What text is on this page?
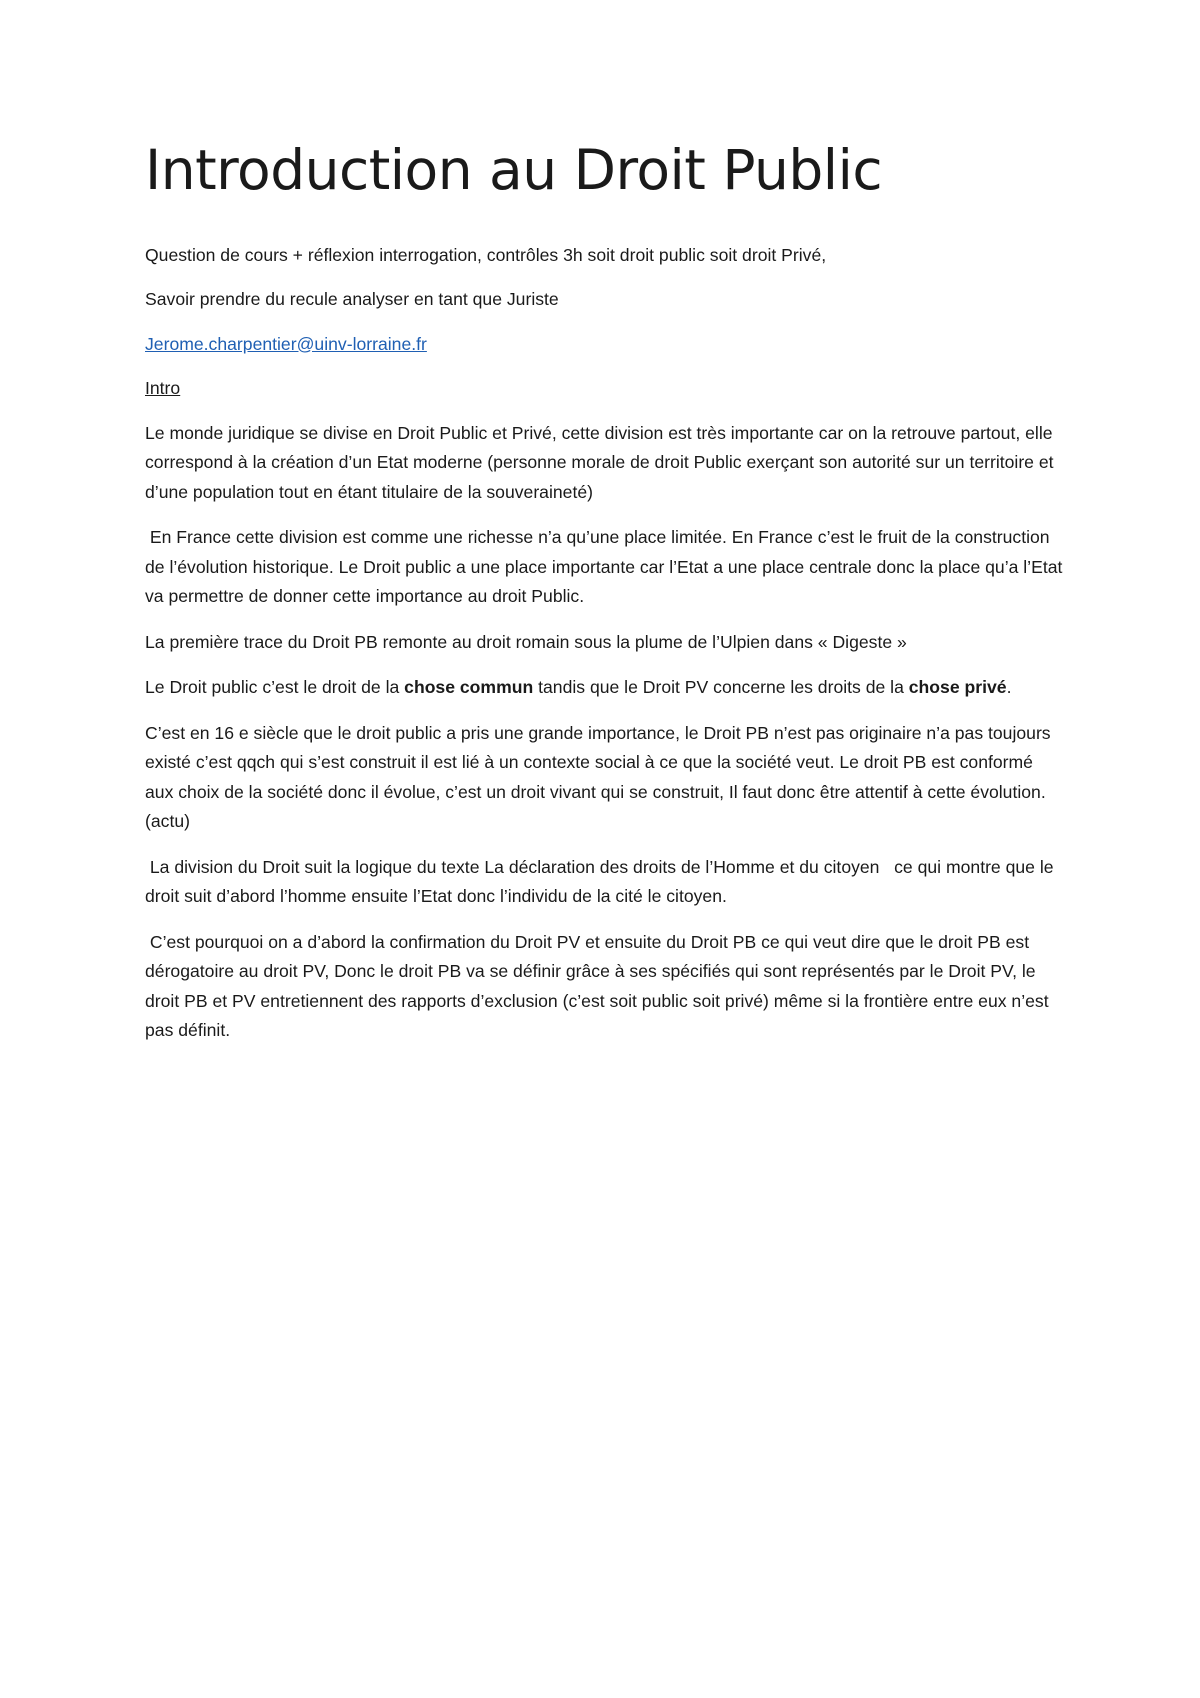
Introduction au Droit Public

Question de cours + réflexion interrogation, contrôles 3h soit droit public soit droit Privé,

Savoir prendre du recule analyser en tant que Juriste

Jerome.charpentier@uinv-lorraine.fr

Intro

Le monde juridique se divise en Droit Public et Privé, cette division est très importante car on la retrouve partout, elle correspond à la création d’un Etat moderne (personne morale de droit Public exerçant son autorité sur un territoire et d’une population tout en étant titulaire de la souveraineté)

En France cette division est comme une richesse n’a qu’une place limitée. En France c’est le fruit de la construction de l’évolution historique. Le Droit public a une place importante car l’Etat a une place centrale donc la place qu’a l’Etat va permettre de donner cette importance au droit Public.

La première trace du Droit PB remonte au droit romain sous la plume de l’Ulpien dans « Digeste »

Le Droit public c’est le droit de la chose commun tandis que le Droit PV concerne les droits de la chose privé.

C’est en 16 e siècle que le droit public a pris une grande importance, le Droit PB n’est pas originaire n’a pas toujours existé c’est qqch qui s’est construit il est lié à un contexte social à ce que la société veut. Le droit PB est conformé aux choix de la société donc il évolue, c’est un droit vivant qui se construit, Il faut donc être attentif à cette évolution. (actu)

La division du Droit suit la logique du texte La déclaration des droits de l’Homme et du citoyen   ce qui montre que le droit suit d’abord l’homme ensuite l’Etat donc l’individu de la cité le citoyen.

C’est pourquoi on a d’abord la confirmation du Droit PV et ensuite du Droit PB ce qui veut dire que le droit PB est dérogatoire au droit PV, Donc le droit PB va se définir grâce à ses spécifiés qui sont représentés par le Droit PV, le droit PB et PV entretiennent des rapports d’exclusion (c’est soit public soit privé) même si la frontière entre eux n’est pas définit.
